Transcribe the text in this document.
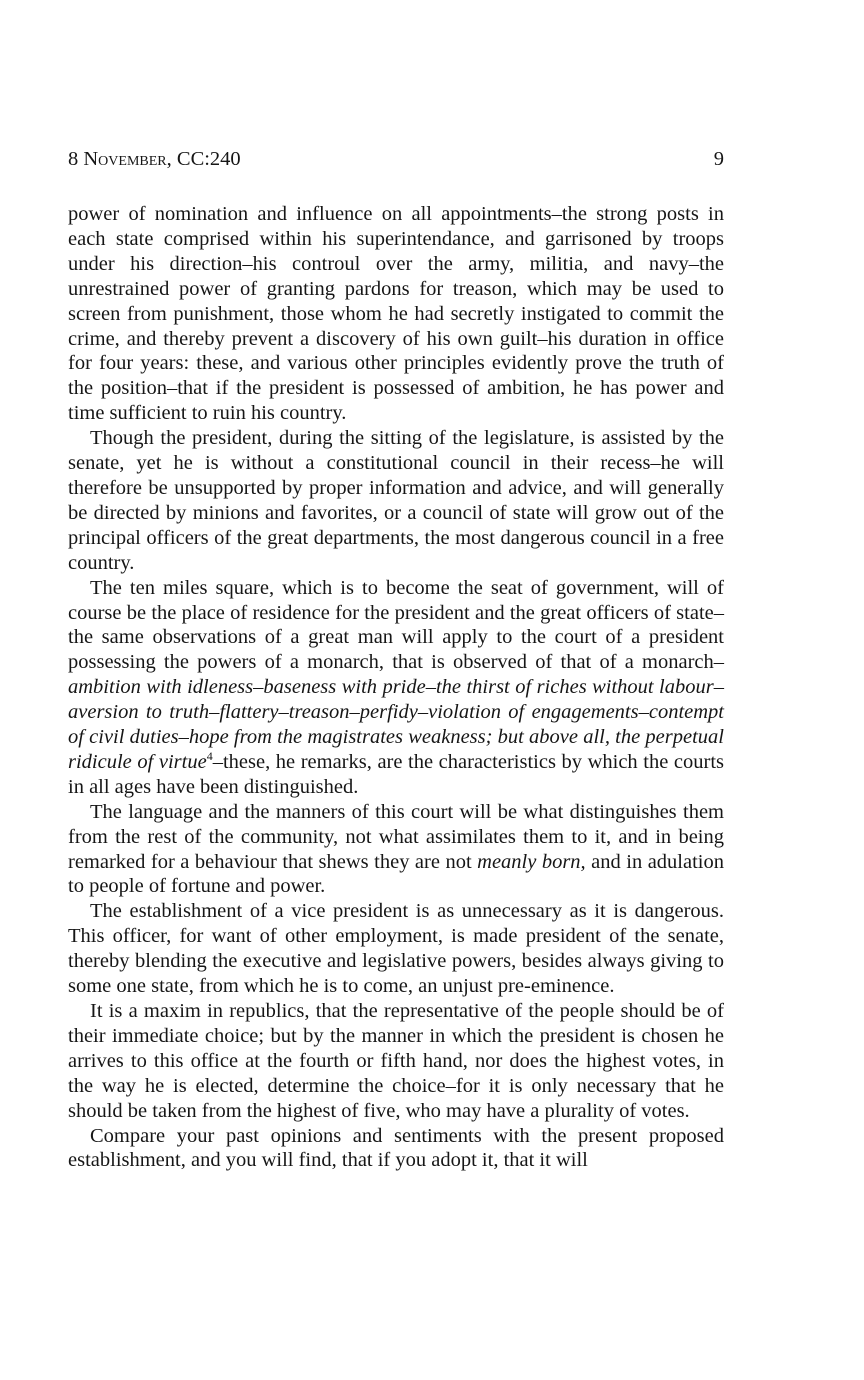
8 November, CC:240	9

power of nomination and influence on all appointments–the strong posts in each state comprised within his superintendance, and garrisoned by troops under his direction–his controul over the army, militia, and navy–the unrestrained power of granting pardons for treason, which may be used to screen from punishment, those whom he had secretly instigated to commit the crime, and thereby prevent a discovery of his own guilt–his duration in office for four years: these, and various other principles evidently prove the truth of the position–that if the president is possessed of ambition, he has power and time sufficient to ruin his country.

Though the president, during the sitting of the legislature, is assisted by the senate, yet he is without a constitutional council in their recess–he will therefore be unsupported by proper information and advice, and will generally be directed by minions and favorites, or a council of state will grow out of the principal officers of the great departments, the most dangerous council in a free country.

The ten miles square, which is to become the seat of government, will of course be the place of residence for the president and the great officers of state–the same observations of a great man will apply to the court of a president possessing the powers of a monarch, that is observed of that of a monarch–ambition with idleness–baseness with pride–the thirst of riches without labour–aversion to truth–flattery–treason–perfidy–violation of engagements–contempt of civil duties–hope from the magistrates weakness; but above all, the perpetual ridicule of virtue$^4$–these, he remarks, are the characteristics by which the courts in all ages have been distinguished.

The language and the manners of this court will be what distinguishes them from the rest of the community, not what assimilates them to it, and in being remarked for a behaviour that shews they are not meanly born, and in adulation to people of fortune and power.

The establishment of a vice president is as unnecessary as it is dangerous. This officer, for want of other employment, is made president of the senate, thereby blending the executive and legislative powers, besides always giving to some one state, from which he is to come, an unjust pre-eminence.

It is a maxim in republics, that the representative of the people should be of their immediate choice; but by the manner in which the president is chosen he arrives to this office at the fourth or fifth hand, nor does the highest votes, in the way he is elected, determine the choice–for it is only necessary that he should be taken from the highest of five, who may have a plurality of votes.

Compare your past opinions and sentiments with the present proposed establishment, and you will find, that if you adopt it, that it will
